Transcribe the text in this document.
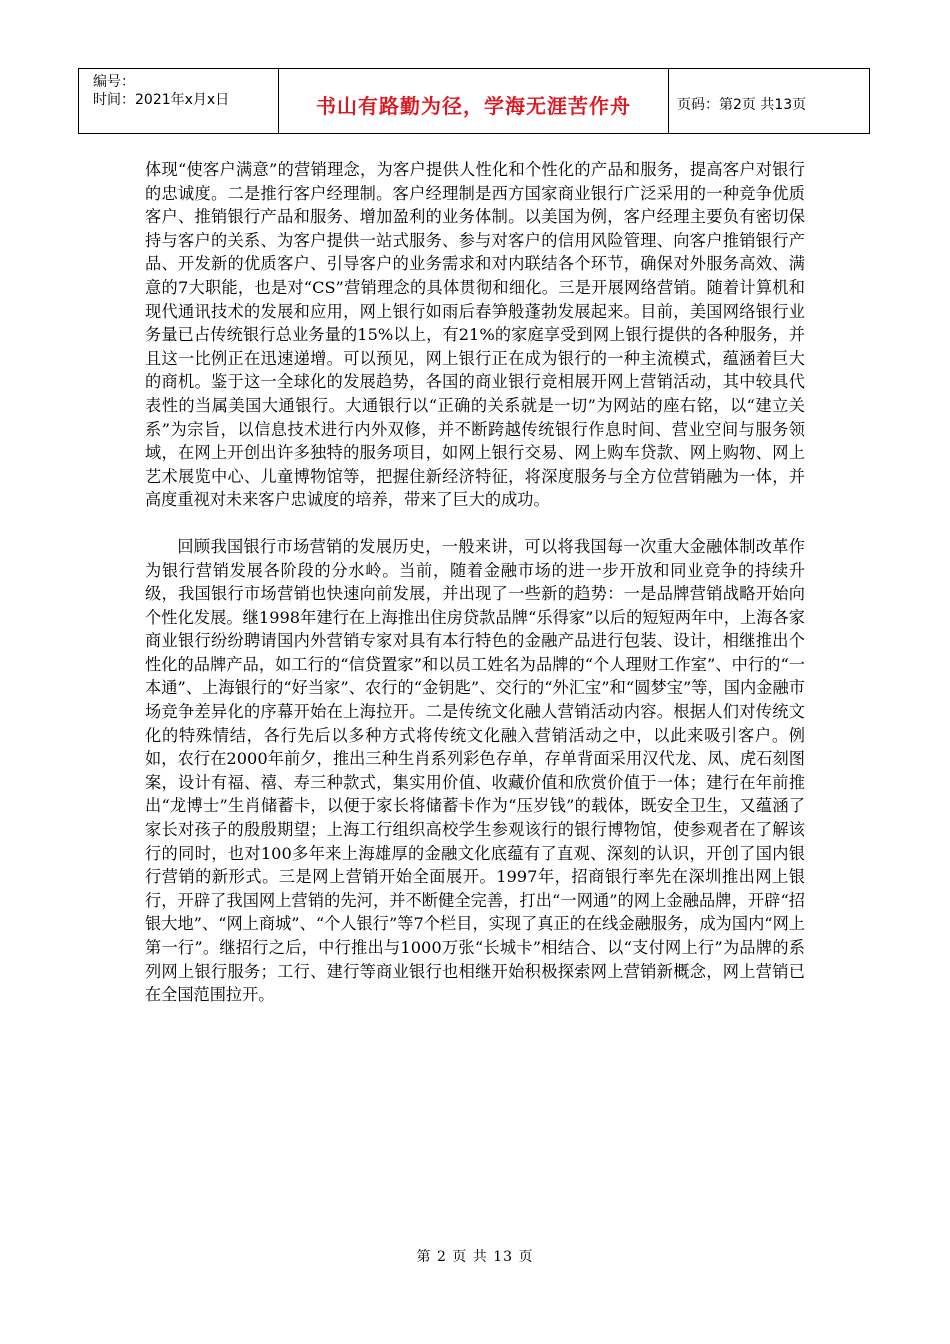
编号：
时间：2021年x月x日	书山有路勤为径，学海无涯苦作舟	页码：第2页 共13页

体现“使客户满意”的营销理念，为客户提供人性化和个性化的产品和服务，提高客户对银行的忠诚度。二是推行客户经理制。客户经理制是西方国家商业银行广泛采用的一种竞争优质客户、推销银行产品和服务、增加盈利的业务体制。以美国为例，客户经理主要负有密切保持与客户的关系、为客户提供一站式服务、参与对客户的信用风险管理、向客户推销银行产品、开发新的优质客户、引导客户的业务需求和对内联结各个环节，确保对外服务高效、满意的7大职能，也是对“CS”营销理念的具体贯彻和细化。三是开展网络营销。随着计算机和现代通讯技术的发展和应用，网上银行如雨后春笋般蓬勃发展起来。目前，美国网络银行业务量已占传统银行总业务量的15%以上，有21%的家庭享受到网上银行提供的各种服务，并且这一比例正在迅速递增。可以预见，网上银行正在成为银行的一种主流模式，蕴涵着巨大的商机。鉴于这一全球化的发展趋势，各国的商业银行竞相展开网上营销活动，其中较具代表性的当属美国大通银行。大通银行以“正确的关系就是一切”为网站的座右铭，以“建立关系”为宗旨，以信息技术进行内外双修，并不断跨越传统银行作息时间、营业空间与服务领域，在网上开创出许多独特的服务项目，如网上银行交易、网上购车贷款、网上购物、网上艺术展览中心、儿童博物馆等，把握住新经济特征，将深度服务与全方位营销融为一体，并高度重视对未来客户忠诚度的培养，带来了巨大的成功。

回顾我国银行市场营销的发展历史，一般来讲，可以将我国每一次重大金融体制改革作为银行营销发展各阶段的分水岭。当前，随着金融市场的进一步开放和同业竞争的持续升级，我国银行市场营销也快速向前发展，并出现了一些新的趋势：一是品牌营销战略开始向个性化发展。继1998年建行在上海推出住房贷款品牌“乐得家”以后的短短两年中，上海各家商业银行纷纷聘请国内外营销专家对具有本行特色的金融产品进行包装、设计，相继推出个性化的品牌产品，如工行的“信贷置家”和以员工姓名为品牌的“个人理财工作室”、中行的“一本通”、上海银行的“好当家”、农行的“金钥匙”、交行的“外汇宝”和“圆梦宝”等，国内金融市场竞争差异化的序幕开始在上海拉开。二是传统文化融人营销活动内容。根据人们对传统文化的特殊情结，各行先后以多种方式将传统文化融入营销活动之中，以此来吸引客户。例如，农行在2000年前夕，推出三种生肖系列彩色存单，存单背面采用汉代龙、凤、虎石刻图案，设计有福、禧、寿三种款式，集实用价值、收藏价值和欣赏价值于一体；建行在年前推出“龙博士”生肖储蓄卡，以便于家长将储蓄卡作为“压岁钱”的载体，既安全卫生，又蕴涵了家长对孩子的殷殷期望；上海工行组织高校学生参观该行的银行博物馆，使参观者在了解该行的同时，也对100多年来上海雄厚的金融文化底蕴有了直观、深刻的认识，开创了国内银行营销的新形式。三是网上营销开始全面展开。1997年，招商银行率先在深圳推出网上银行，开辟了我国网上营销的先河，并不断健全完善，打出“一网通”的网上金融品牌，开辟“招银大地”、“网上商城”、“个人银行”等7个栏目，实现了真正的在线金融服务，成为国内“网上第一行”。继招行之后，中行推出与1000万张“长城卡”相结合、以“支付网上行”为品牌的系列网上银行服务；工行、建行等商业银行也相继开始积极探索网上营销新概念，网上营销已在全国范围拉开。

第 2 页 共 13 页
